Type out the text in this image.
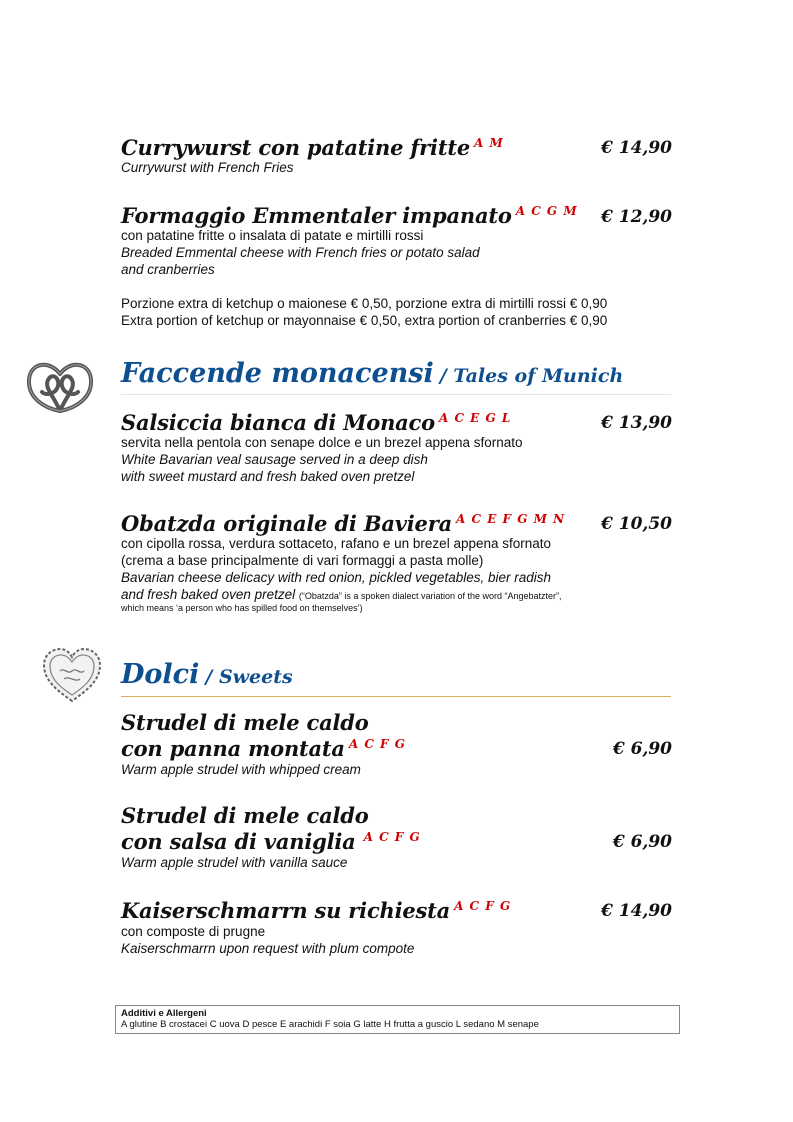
Currywurst con patatine fritte $^{A M}$	€ 14,90
Currywurst with French Fries
Formaggio Emmentaler impanato $^{A C G M}$ € 12,90
con patatine fritte o insalata di patate e mirtilli rossi
Breaded Emmental cheese with French fries or potato salad
and cranberries
Porzione extra di ketchup o maionese € 0,50, porzione extra di mirtilli rossi € 0,90
Extra portion of ketchup or mayonnaise € 0,50, extra portion of cranberries € 0,90
Faccende monacensi / Tales of Munich
Salsiccia bianca di Monaco $^{A C E G L}$	€ 13,90
servita nella pentola con senape dolce e un brezel appena sfornato
White Bavarian veal sausage served in a deep dish
with sweet mustard and fresh baked oven pretzel
Obatzda originale di Baviera $^{A C E F G M N}$ € 10,50
con cipolla rossa, verdura sottaceto, rafano e un brezel appena sfornato
(crema a base principalmente di vari formaggi a pasta molle)
Bavarian cheese delicacy with red onion, pickled vegetables, bier radish
and fresh baked oven pretzel (“Obatzda” is a spoken dialect variation of the word “Angebatzter”,
which means ‘a person who has spilled food on themselves’)
Dolci / Sweets
Strudel di mele caldo
con panna montata $^{A C F G}$	€ 6,90
Warm apple strudel with whipped cream
Strudel di mele caldo
con salsa di vaniglia $^{A C F G}$	€ 6,90
Warm apple strudel with vanilla sauce
Kaiserschmarrn su richiesta $^{A C F G}$	€ 14,90
con composte di prugne
Kaiserschmarrn upon request with plum compote
Additivi e Allergeni
A glutine B crostacei C uova D pesce E arachidi F soia G latte H frutta a guscio L sedano M senape
